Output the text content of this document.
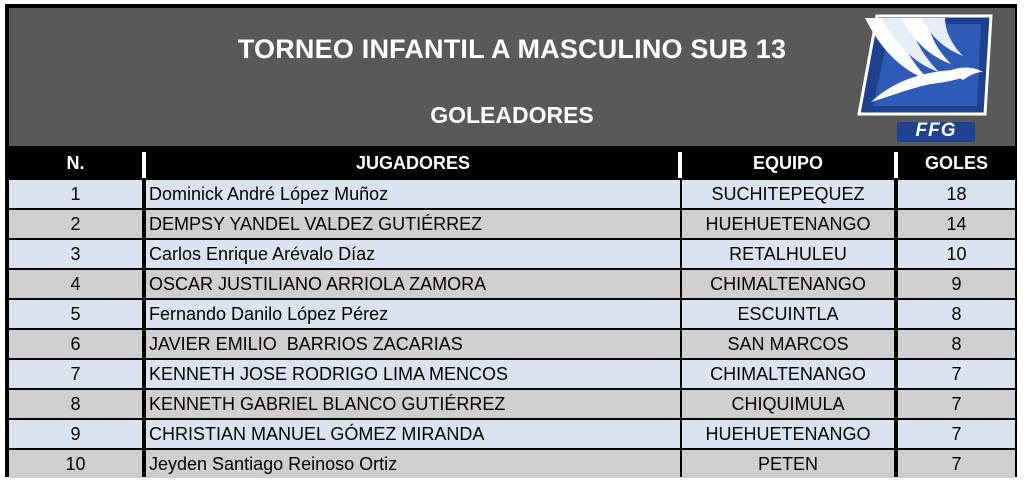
TORNEO INFANTIL A MASCULINO SUB 13
GOLEADORES
FFG
N.	JUGADORES	EQUIPO	GOLES
1	Dominick André López Muñoz	SUCHITEPEQUEZ	18
2	DEMPSY YANDEL VALDEZ GUTIÉRREZ	HUEHUETENANGO	14
3	Carlos Enrique Arévalo Díaz	RETALHULEU	10
4	OSCAR JUSTILIANO ARRIOLA ZAMORA	CHIMALTENANGO	9
5	Fernando Danilo López Pérez	ESCUINTLA	8
6	JAVIER EMILIO  BARRIOS ZACARIAS	SAN MARCOS	8
7	KENNETH JOSE RODRIGO LIMA MENCOS	CHIMALTENANGO	7
8	KENNETH GABRIEL BLANCO GUTIÉRREZ	CHIQUIMULA	7
9	CHRISTIAN MANUEL GÓMEZ MIRANDA	HUEHUETENANGO	7
10	Jeyden Santiago Reinoso Ortiz	PETEN	7
